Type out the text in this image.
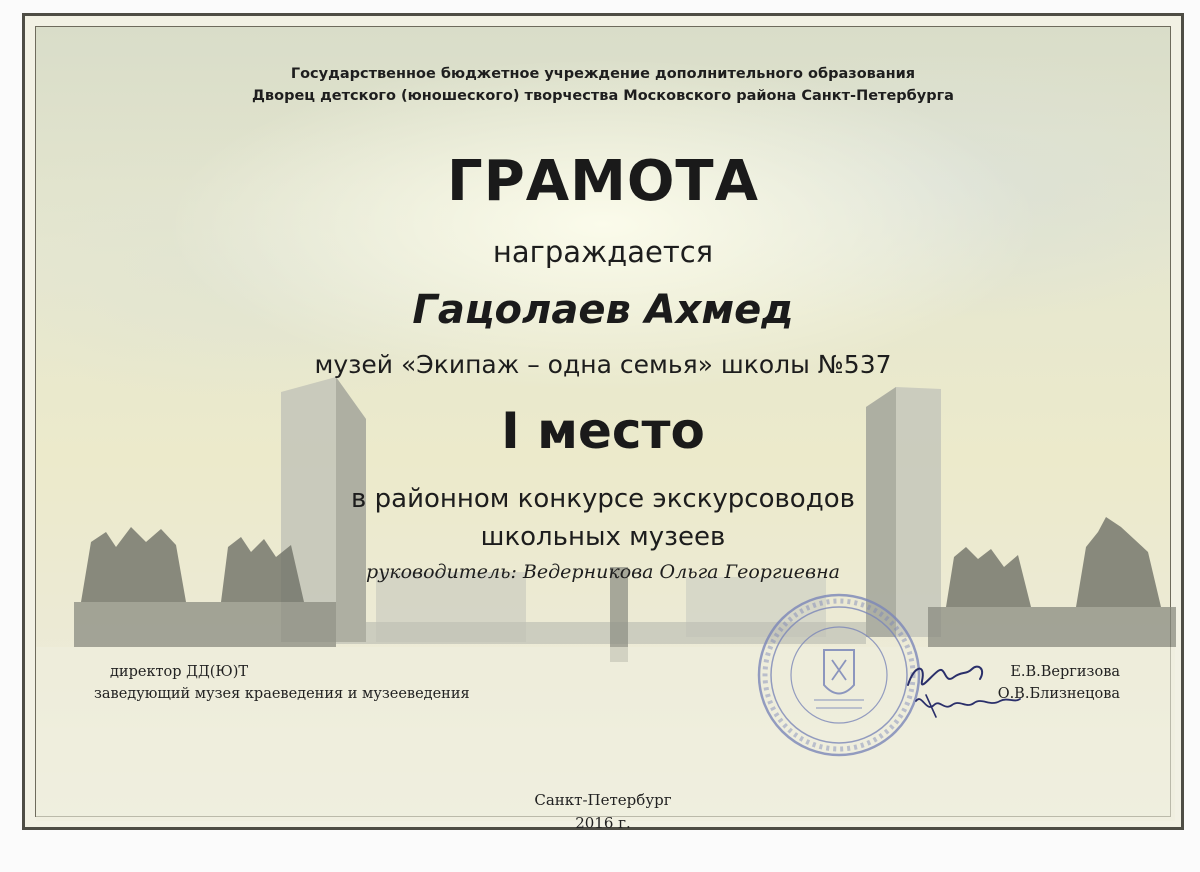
Государственное бюджетное учреждение дополнительного образования
Дворец детского (юношеского) творчества Московского района Санкт-Петербурга
ГРАМОТА
награждается
Гацолаев Ахмед
музей «Экипаж – одна семья» школы №537
I место
в районном конкурсе экскурсоводов
школьных музеев
руководитель: Ведерникова Ольга Георгиевна
директор ДД(Ю)Т
заведующий музея краеведения и музееведения
Е.В.Вергизова
О.В.Близнецова
Санкт-Петербург
2016 г.
